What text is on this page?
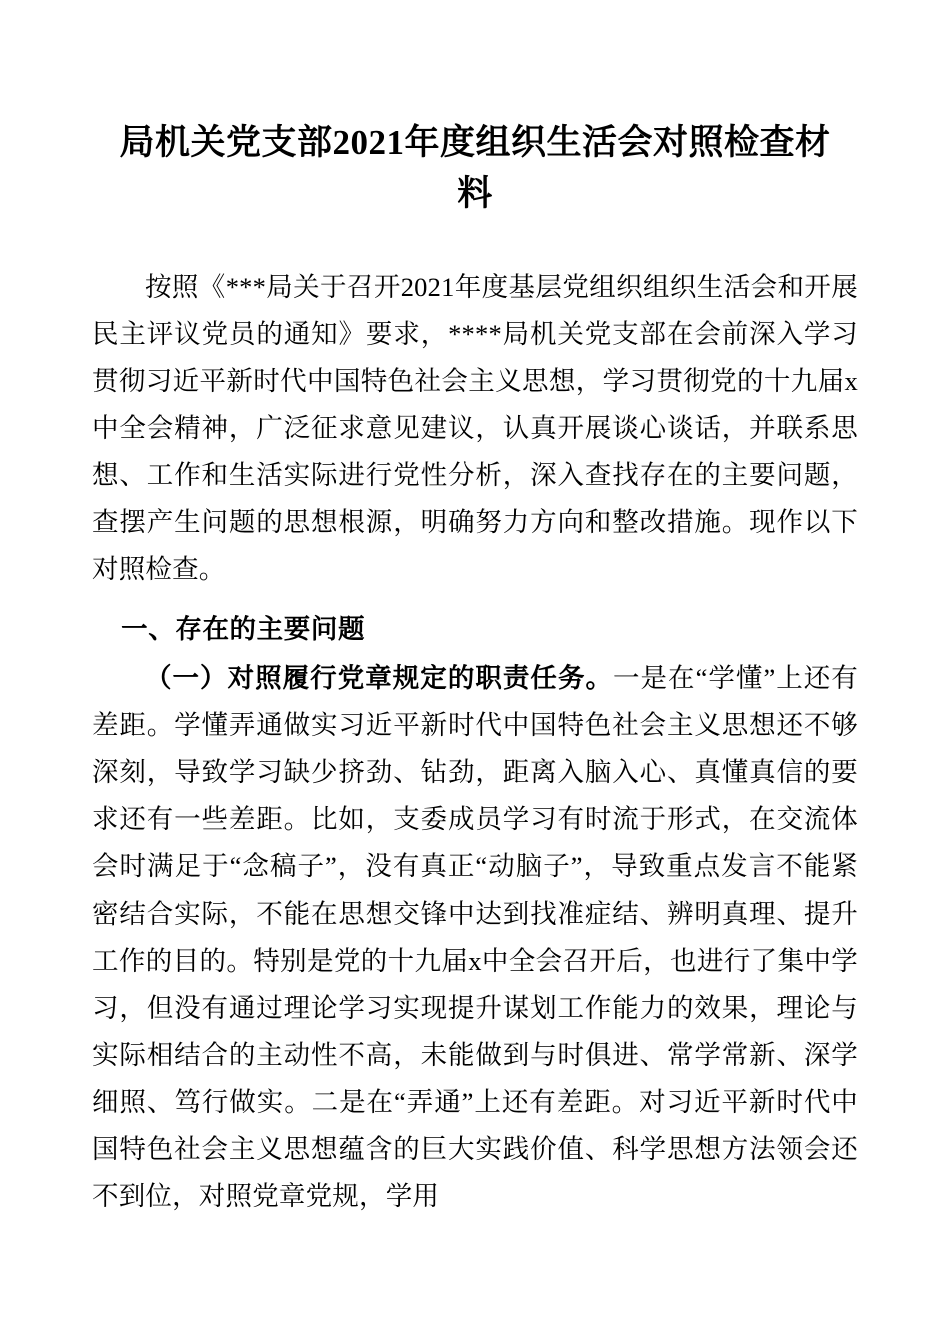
局机关党支部2021年度组织生活会对照检查材料

按照《***局关于召开2021年度基层党组织组织生活会和开展民主评议党员的通知》要求，****局机关党支部在会前深入学习贯彻习近平新时代中国特色社会主义思想，学习贯彻党的十九届x中全会精神，广泛征求意见建议，认真开展谈心谈话，并联系思想、工作和生活实际进行党性分析，深入查找存在的主要问题，查摆产生问题的思想根源，明确努力方向和整改措施。现作以下对照检查。

一、存在的主要问题

（一）对照履行党章规定的职责任务。一是在“学懂”上还有差距。学懂弄通做实习近平新时代中国特色社会主义思想还不够深刻，导致学习缺少挤劲、钻劲，距离入脑入心、真懂真信的要求还有一些差距。比如，支委成员学习有时流于形式，在交流体会时满足于“念稿子”，没有真正“动脑子”，导致重点发言不能紧密结合实际，不能在思想交锋中达到找准症结、辨明真理、提升工作的目的。特别是党的十九届x中全会召开后，也进行了集中学习，但没有通过理论学习实现提升谋划工作能力的效果，理论与实际相结合的主动性不高，未能做到与时俱进、常学常新、深学细照、笃行做实。二是在“弄通”上还有差距。对习近平新时代中国特色社会主义思想蕴含的巨大实践价值、科学思想方法领会还不到位，对照党章党规，学用
